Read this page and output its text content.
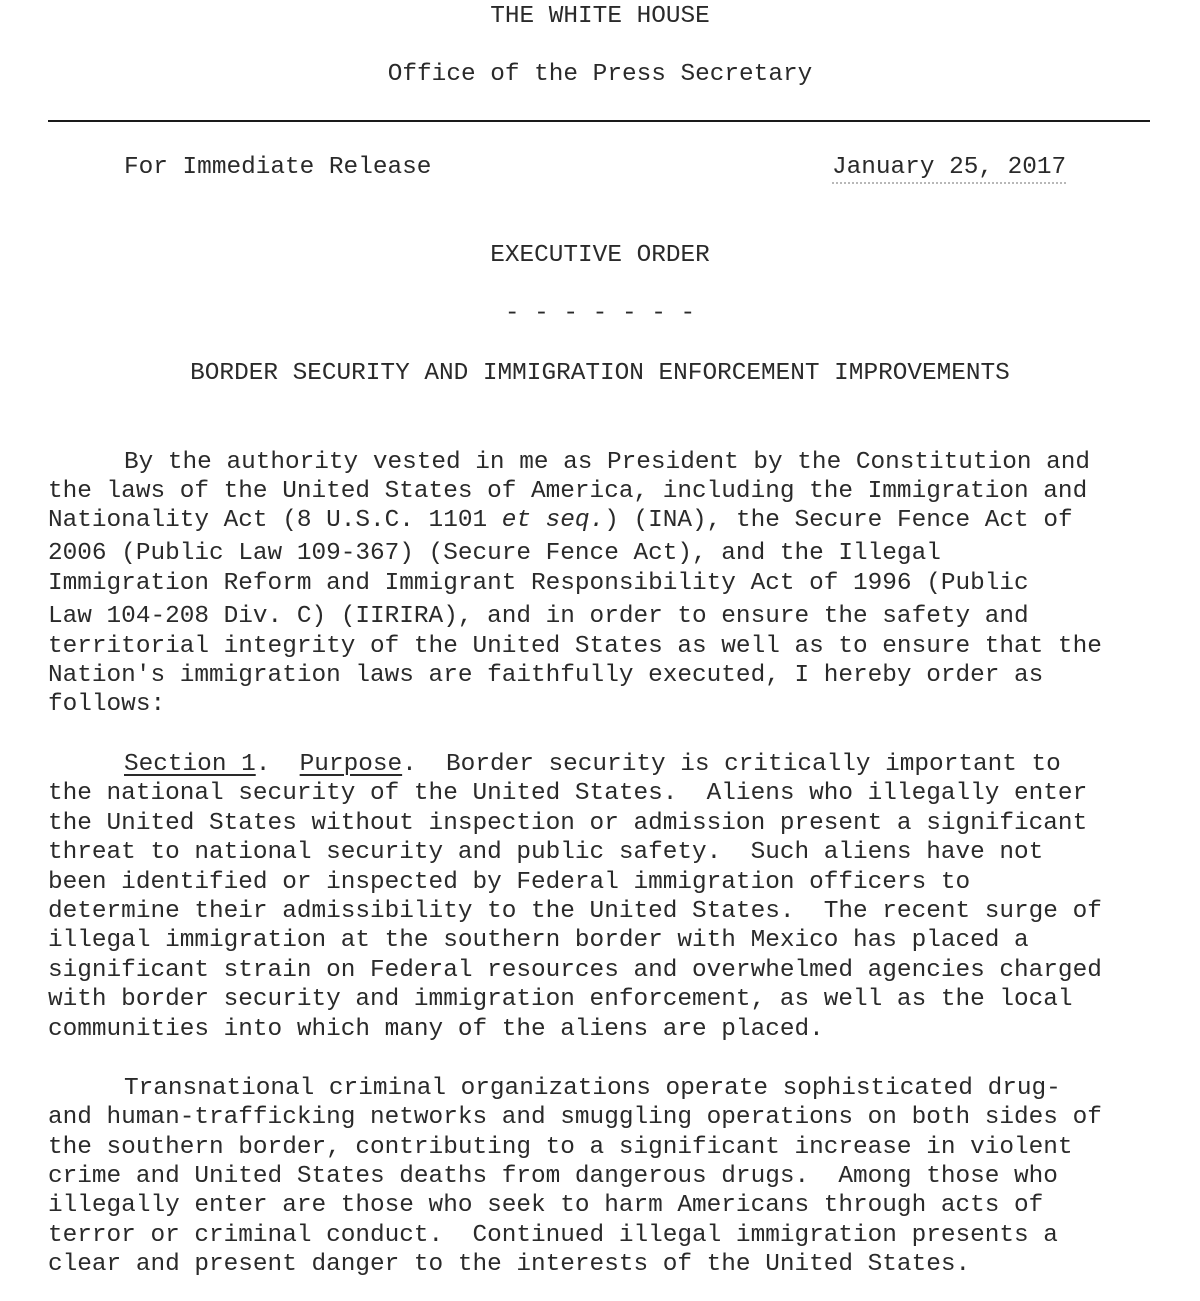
THE WHITE HOUSE
Office of the Press Secretary
For Immediate Release	January 25, 2017
EXECUTIVE ORDER
- - - - - - -
BORDER SECURITY AND IMMIGRATION ENFORCEMENT IMPROVEMENTS
By the authority vested in me as President by the Constitution and
the laws of the United States of America, including the Immigration and
Nationality Act (8 U.S.C. 1101 et seq.) (INA), the Secure Fence Act of
2006 (Public Law 109-367) (Secure Fence Act), and the Illegal
Immigration Reform and Immigrant Responsibility Act of 1996 (Public
Law 104-208 Div. C) (IIRIRA), and in order to ensure the safety and
territorial integrity of the United States as well as to ensure that the
Nation's immigration laws are faithfully executed, I hereby order as
follows:
Section 1.  Purpose.  Border security is critically important to
the national security of the United States.  Aliens who illegally enter
the United States without inspection or admission present a significant
threat to national security and public safety.  Such aliens have not
been identified or inspected by Federal immigration officers to
determine their admissibility to the United States.  The recent surge of
illegal immigration at the southern border with Mexico has placed a
significant strain on Federal resources and overwhelmed agencies charged
with border security and immigration enforcement, as well as the local
communities into which many of the aliens are placed.
Transnational criminal organizations operate sophisticated drug-
and human-trafficking networks and smuggling operations on both sides of
the southern border, contributing to a significant increase in violent
crime and United States deaths from dangerous drugs.  Among those who
illegally enter are those who seek to harm Americans through acts of
terror or criminal conduct.  Continued illegal immigration presents a
clear and present danger to the interests of the United States.
